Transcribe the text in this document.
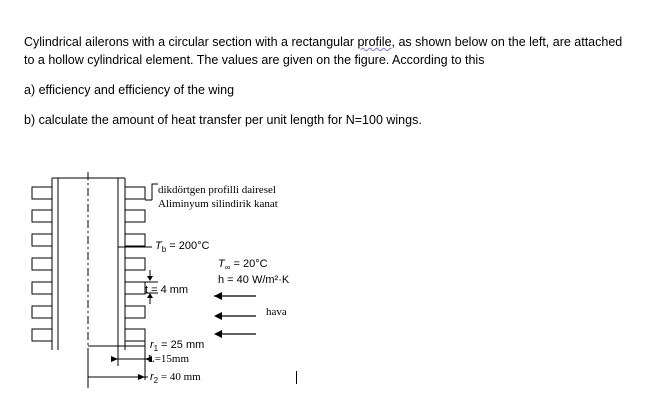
Cylindrical ailerons with a circular section with a rectangular profile, as shown below on the left, are attached to a hollow cylindrical element. The values are given on the figure. According to this
a) efficiency and efficiency of the wing
b) calculate the amount of heat transfer per unit length for N=100 wings.
dikdörtgen profilli dairesel
Aliminyum silindirik kanat
$T_b = 200^\circ C$
$T_\infty = 20^\circ C$
h = 40 W/m²·K
t = 4 mm
hava
$r_1 = 25$ mm
L=15mm
$r_2 = 40$ mm
